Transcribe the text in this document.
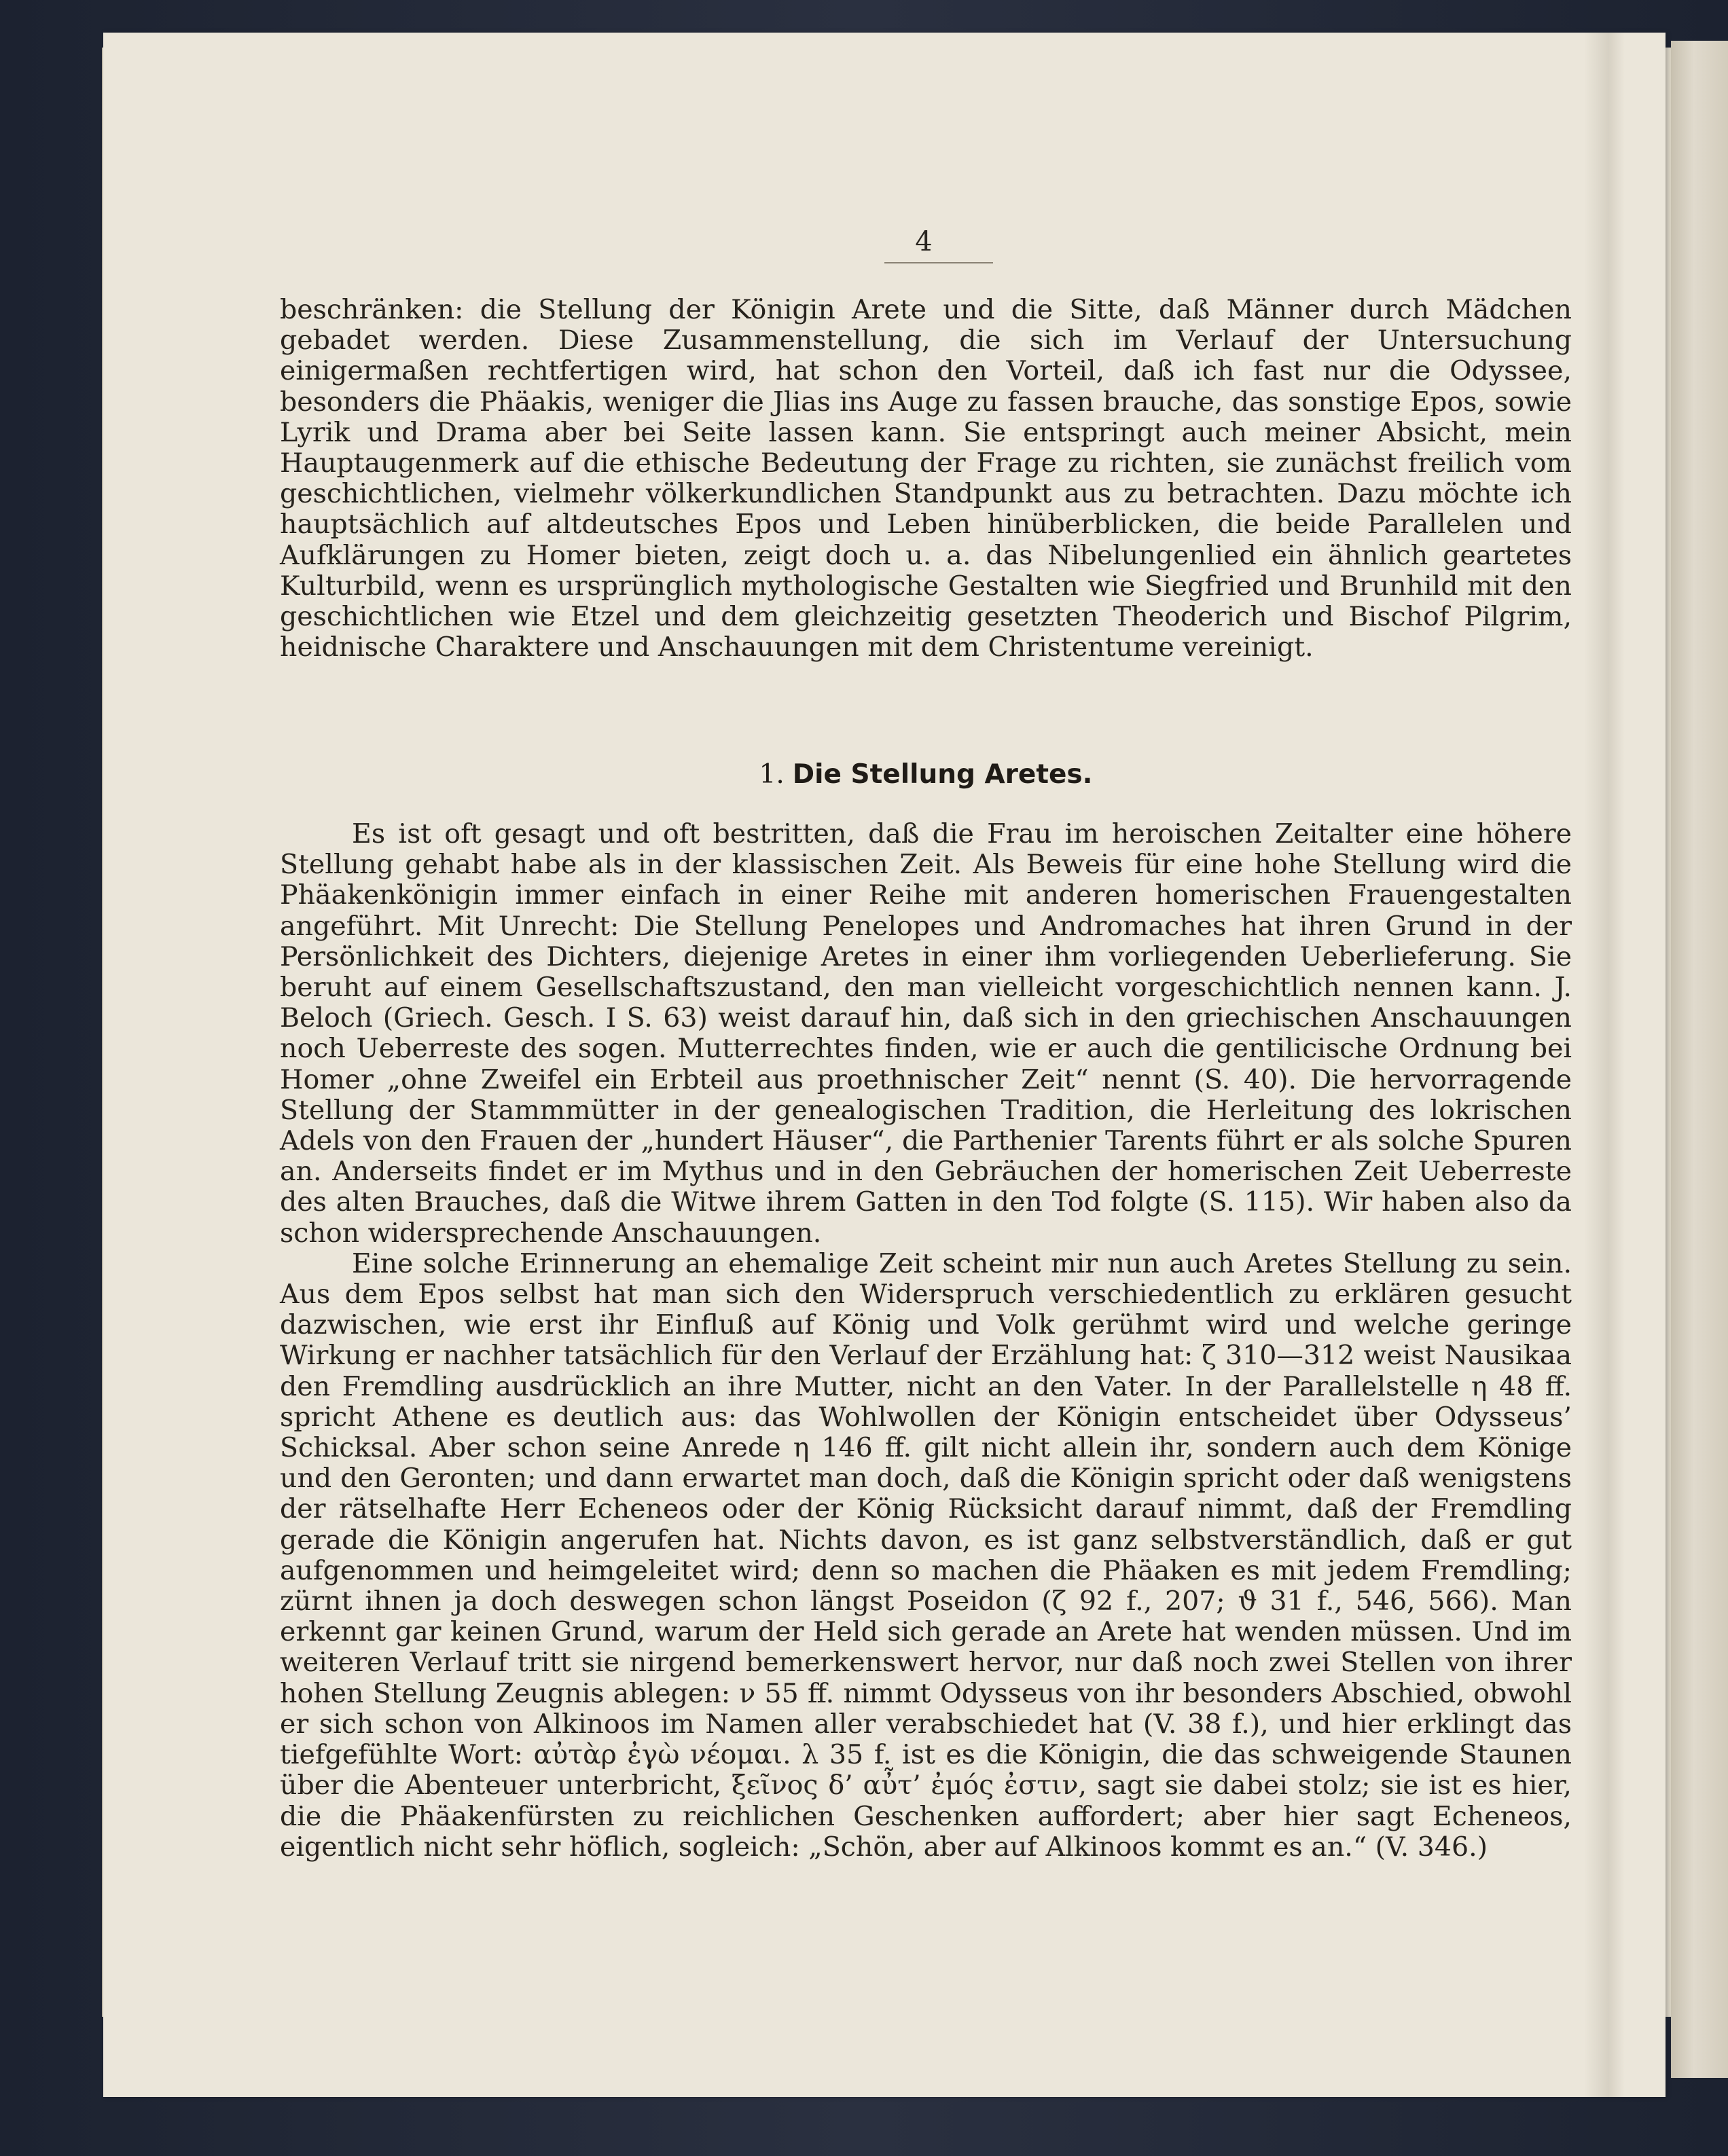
4

beschränken: die Stellung der Königin Arete und die Sitte, daß Männer durch Mädchen gebadet werden. Diese Zusammenstellung, die sich im Verlauf der Untersuchung einigermaßen rechtfertigen wird, hat schon den Vorteil, daß ich fast nur die Odyssee, besonders die Phäakis, weniger die Jlias ins Auge zu fassen brauche, das sonstige Epos, sowie Lyrik und Drama aber bei Seite lassen kann. Sie entspringt auch meiner Absicht, mein Hauptaugenmerk auf die ethische Bedeutung der Frage zu richten, sie zunächst freilich vom geschichtlichen, vielmehr völkerkundlichen Standpunkt aus zu betrachten. Dazu möchte ich hauptsächlich auf altdeutsches Epos und Leben hinüberblicken, die beide Parallelen und Aufklärungen zu Homer bieten, zeigt doch u. a. das Nibelungenlied ein ähnlich geartetes Kulturbild, wenn es ursprünglich mythologische Gestalten wie Siegfried und Brunhild mit den geschichtlichen wie Etzel und dem gleichzeitig gesetzten Theoderich und Bischof Pilgrim, heidnische Charaktere und Anschauungen mit dem Christentume vereinigt.

1. Die Stellung Aretes.

Es ist oft gesagt und oft bestritten, daß die Frau im heroischen Zeitalter eine höhere Stellung gehabt habe als in der klassischen Zeit. Als Beweis für eine hohe Stellung wird die Phäakenkönigin immer einfach in einer Reihe mit anderen homerischen Frauengestalten angeführt. Mit Unrecht: Die Stellung Penelopes und Andromaches hat ihren Grund in der Persönlichkeit des Dichters, diejenige Aretes in einer ihm vorliegenden Ueberlieferung. Sie beruht auf einem Gesellschaftszustand, den man vielleicht vorgeschichtlich nennen kann. J. Beloch (Griech. Gesch. I S. 63) weist darauf hin, daß sich in den griechischen Anschauungen noch Ueberreste des sogen. Mutterrechtes finden, wie er auch die gentilicische Ordnung bei Homer „ohne Zweifel ein Erbteil aus proethnischer Zeit“ nennt (S. 40). Die hervorragende Stellung der Stammmütter in der genealogischen Tradition, die Herleitung des lokrischen Adels von den Frauen der „hundert Häuser“, die Parthenier Tarents führt er als solche Spuren an. Anderseits findet er im Mythus und in den Gebräuchen der homerischen Zeit Ueberreste des alten Brauches, daß die Witwe ihrem Gatten in den Tod folgte (S. 115). Wir haben also da schon widersprechende Anschauungen.

Eine solche Erinnerung an ehemalige Zeit scheint mir nun auch Aretes Stellung zu sein. Aus dem Epos selbst hat man sich den Widerspruch verschiedentlich zu erklären gesucht dazwischen, wie erst ihr Einfluß auf König und Volk gerühmt wird und welche geringe Wirkung er nachher tatsächlich für den Verlauf der Erzählung hat: ζ 310—312 weist Nausikaa den Fremdling ausdrücklich an ihre Mutter, nicht an den Vater. In der Parallelstelle η 48 ff. spricht Athene es deutlich aus: das Wohlwollen der Königin entscheidet über Odysseus’ Schicksal. Aber schon seine Anrede η 146 ff. gilt nicht allein ihr, sondern auch dem Könige und den Geronten; und dann erwartet man doch, daß die Königin spricht oder daß wenigstens der rätselhafte Herr Echeneos oder der König Rücksicht darauf nimmt, daß der Fremdling gerade die Königin angerufen hat. Nichts davon, es ist ganz selbstverständlich, daß er gut aufgenommen und heimgeleitet wird; denn so machen die Phäaken es mit jedem Fremdling; zürnt ihnen ja doch deswegen schon längst Poseidon (ζ 92 f., 207; ϑ 31 f., 546, 566). Man erkennt gar keinen Grund, warum der Held sich gerade an Arete hat wenden müssen. Und im weiteren Verlauf tritt sie nirgend bemerkenswert hervor, nur daß noch zwei Stellen von ihrer hohen Stellung Zeugnis ablegen: ν 55 ff. nimmt Odysseus von ihr besonders Abschied, obwohl er sich schon von Alkinoos im Namen aller verabschiedet hat (V. 38 f.), und hier erklingt das tiefgefühlte Wort: αὐτὰρ ἐγὼ νέομαι. λ 35 f. ist es die Königin, die das schweigende Staunen über die Abenteuer unterbricht, ξεῖνος δ’ αὖτ’ ἐμός ἐστιν, sagt sie dabei stolz; sie ist es hier, die die Phäakenfürsten zu reichlichen Geschenken auffordert; aber hier sagt Echeneos, eigentlich nicht sehr höflich, sogleich: „Schön, aber auf Alkinoos kommt es an.“ (V. 346.)
